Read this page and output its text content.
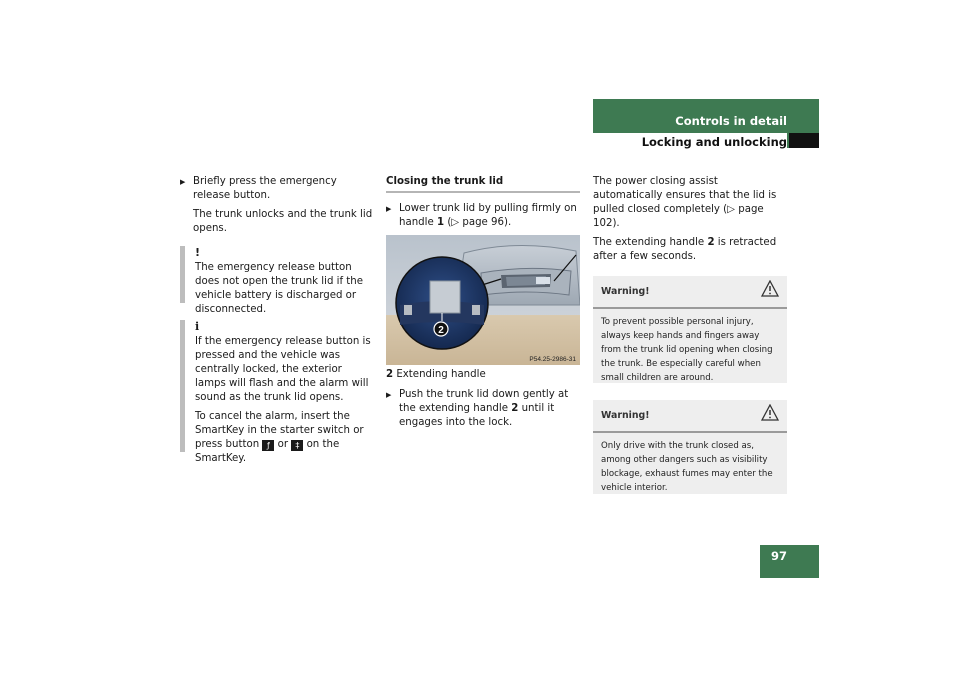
Controls in detail
Locking and unlocking
▶ Briefly press the emergency release button.

The trunk unlocks and the trunk lid opens.

!

The emergency release button does not open the trunk lid if the vehicle battery is discharged or disconnected.

i

If the emergency release button is pressed and the vehicle was centrally locked, the exterior lamps will flash and the alarm will sound as the trunk lid opens.

To cancel the alarm, insert the SmartKey in the starter switch or press button ƒ or ‡ on the SmartKey.

Closing the trunk lid
▶ Lower trunk lid by pulling firmly on handle 1 (▷ page 96).

2
P54.25-2986-31

2 Extending handle

▶ Push the trunk lid down gently at the extending handle 2 until it engages into the lock.

The power closing assist automatically ensures that the lid is pulled closed completely (▷ page 102).

The extending handle 2 is retracted after a few seconds.

Warning!
To prevent possible personal injury, always keep hands and fingers away from the trunk lid opening when closing the trunk. Be especially careful when small children are around.
Warning!
Only drive with the trunk closed as, among other dangers such as visibility blockage, exhaust fumes may enter the vehicle interior.
97
